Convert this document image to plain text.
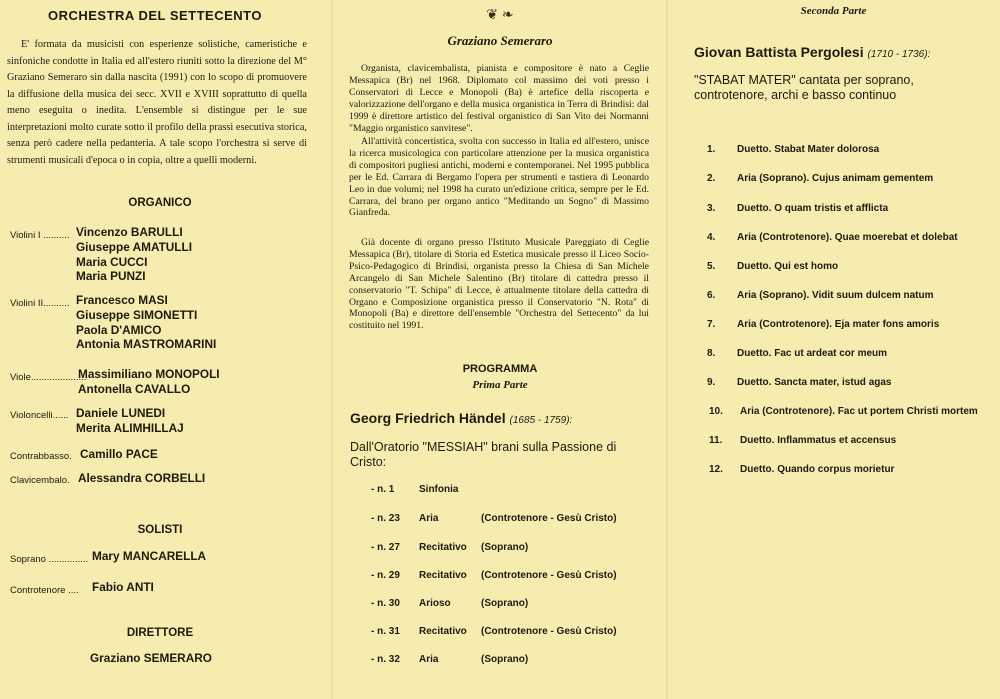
ORCHESTRA DEL SETTECENTO
E' formata da musicisti con esperienze solistiche, cameristiche e sinfoniche condotte in Italia ed all'estero riuniti sotto la direzione del M° Graziano Semeraro sin dalla nascita (1991) con lo scopo di promuovere la diffusione della musica dei secc. XVII e XVIII soprattutto di quella meno eseguita o inedita. L'ensemble si distingue per le sue interpretazioni molto curate sotto il profilo della prassi esecutiva storica, senza però cadere nella pedanteria. A tale scopo l'orchestra si serve di strumenti musicali d'epoca o in copia, oltre a quelli moderni.
ORGANICO
Violini I .......... Vincenzo BARULLI
Giuseppe AMATULLI
Maria CUCCI
Maria PUNZI
Violini II.......... Francesco MASI
Giuseppe SIMONETTI
Paola D'AMICO
Antonia MASTROMARINI
Viole.....................
Massimiliano MONOPOLI
Antonella CAVALLO
Violoncelli...... Daniele LUNEDI
Merita ALIMHILLAJ
Contrabbasso. Camillo PACE
Clavicembalo. Alessandra CORBELLI
SOLISTI
Soprano ............... Mary MANCARELLA
Controtenore .... Fabio ANTI
DIRETTORE
Graziano SEMERARO
❦ ❧
Graziano Semeraro
Organista, clavicembalista, pianista e compositore è nato a Ceglie Messapica (Br) nel 1968. Diplomato col massimo dei voti presso i Conservatori di Lecce e Monopoli (Ba) è artefice della riscoperta e valorizzazione dell'organo e della musica organistica in Terra di Brindisi: dal 1999 è direttore artistico del festival organistico di San Vito dei Normanni "Maggio organistico sanvitese".
All'attività concertistica, svolta con successo in Italia ed all'estero, unisce la ricerca musicologica con particolare attenzione per la musica organistica di compositori pugliesi antichi, moderni e contemporanei. Nel 1995 pubblica per le Ed. Carrara di Bergamo l'opera per strumenti e tastiera di Leonardo Leo in due volumi; nel 1998 ha curato un'edizione critica, sempre per le Ed. Carrara, del brano per organo antico "Meditando un Sogno" di Massimo Gianfreda.
Già docente di organo presso l'Istituto Musicale Pareggiato di Ceglie Messapica (Br), titolare di Storia ed Estetica musicale presso il Liceo Socio-Psico-Pedagogico di Brindisi, organista presso la Chiesa di San Michele Arcangelo di San Michele Salentino (Br) titolare di cattedra presso il conservatorio "T. Schipa" di Lecce, è attualmente titolare della cattedra di Organo e Composizione organistica presso il Conservatorio "N. Rota" di Monopoli (Ba) e direttore dell'ensemble "Orchestra del Settecento" da lui costituito nel 1991.
PROGRAMMA
Prima Parte
Georg Friedrich Händel (1685 - 1759):
Dall'Oratorio "MESSIAH" brani sulla Passione di Cristo:
- n. 1 Sinfonia
- n. 23 Aria	(Controtenore - Gesù Cristo)
- n. 27 Recitativo (Soprano)
- n. 29 Recitativo (Controtenore - Gesù Cristo)
- n. 30 Arioso	(Soprano)
- n. 31 Recitativo (Controtenore - Gesù Cristo)
- n. 32 Aria	(Soprano)
Seconda Parte
Giovan Battista Pergolesi (1710 - 1736):
"STABAT MATER" cantata per soprano, controtenore, archi e basso continuo
1. Duetto. Stabat Mater dolorosa
2. Aria (Soprano). Cujus animam gementem
3. Duetto. O quam tristis et afflicta
4. Aria (Controtenore). Quae moerebat et dolebat
5. Duetto. Qui est homo
6. Aria (Soprano). Vidit suum dulcem natum
7. Aria (Controtenore). Eja mater fons amoris
8. Duetto. Fac ut ardeat cor meum
9. Duetto. Sancta mater, istud agas
10. Aria (Controtenore). Fac ut portem Christi mortem
11. Duetto. Inflammatus et accensus
12. Duetto. Quando corpus morietur
